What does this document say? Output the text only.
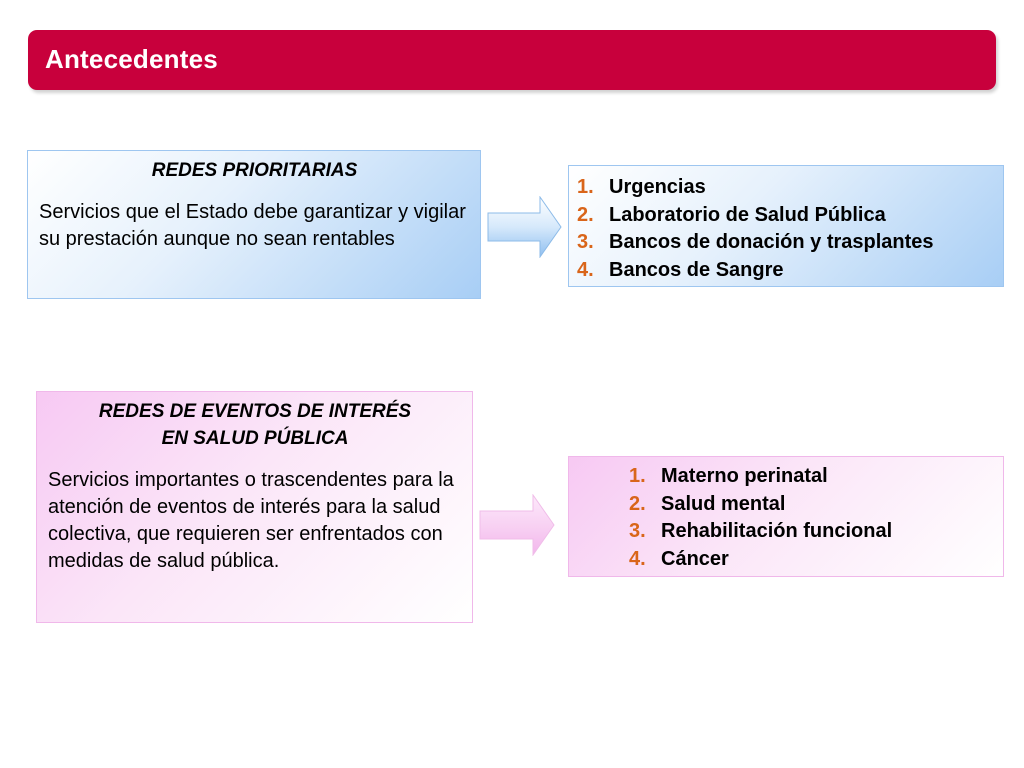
Antecedentes
REDES PRIORITARIAS
Servicios que el Estado debe garantizar y vigilar su prestación aunque no sean rentables
1. Urgencias
2. Laboratorio de Salud Pública
3. Bancos de donación y trasplantes
4. Bancos de Sangre
REDES DE EVENTOS DE INTERÉS
EN SALUD PÚBLICA
Servicios importantes o trascendentes para la atención de eventos de interés para la salud colectiva, que requieren ser enfrentados con medidas de salud pública.
1. Materno perinatal
2. Salud mental
3. Rehabilitación funcional
4. Cáncer
